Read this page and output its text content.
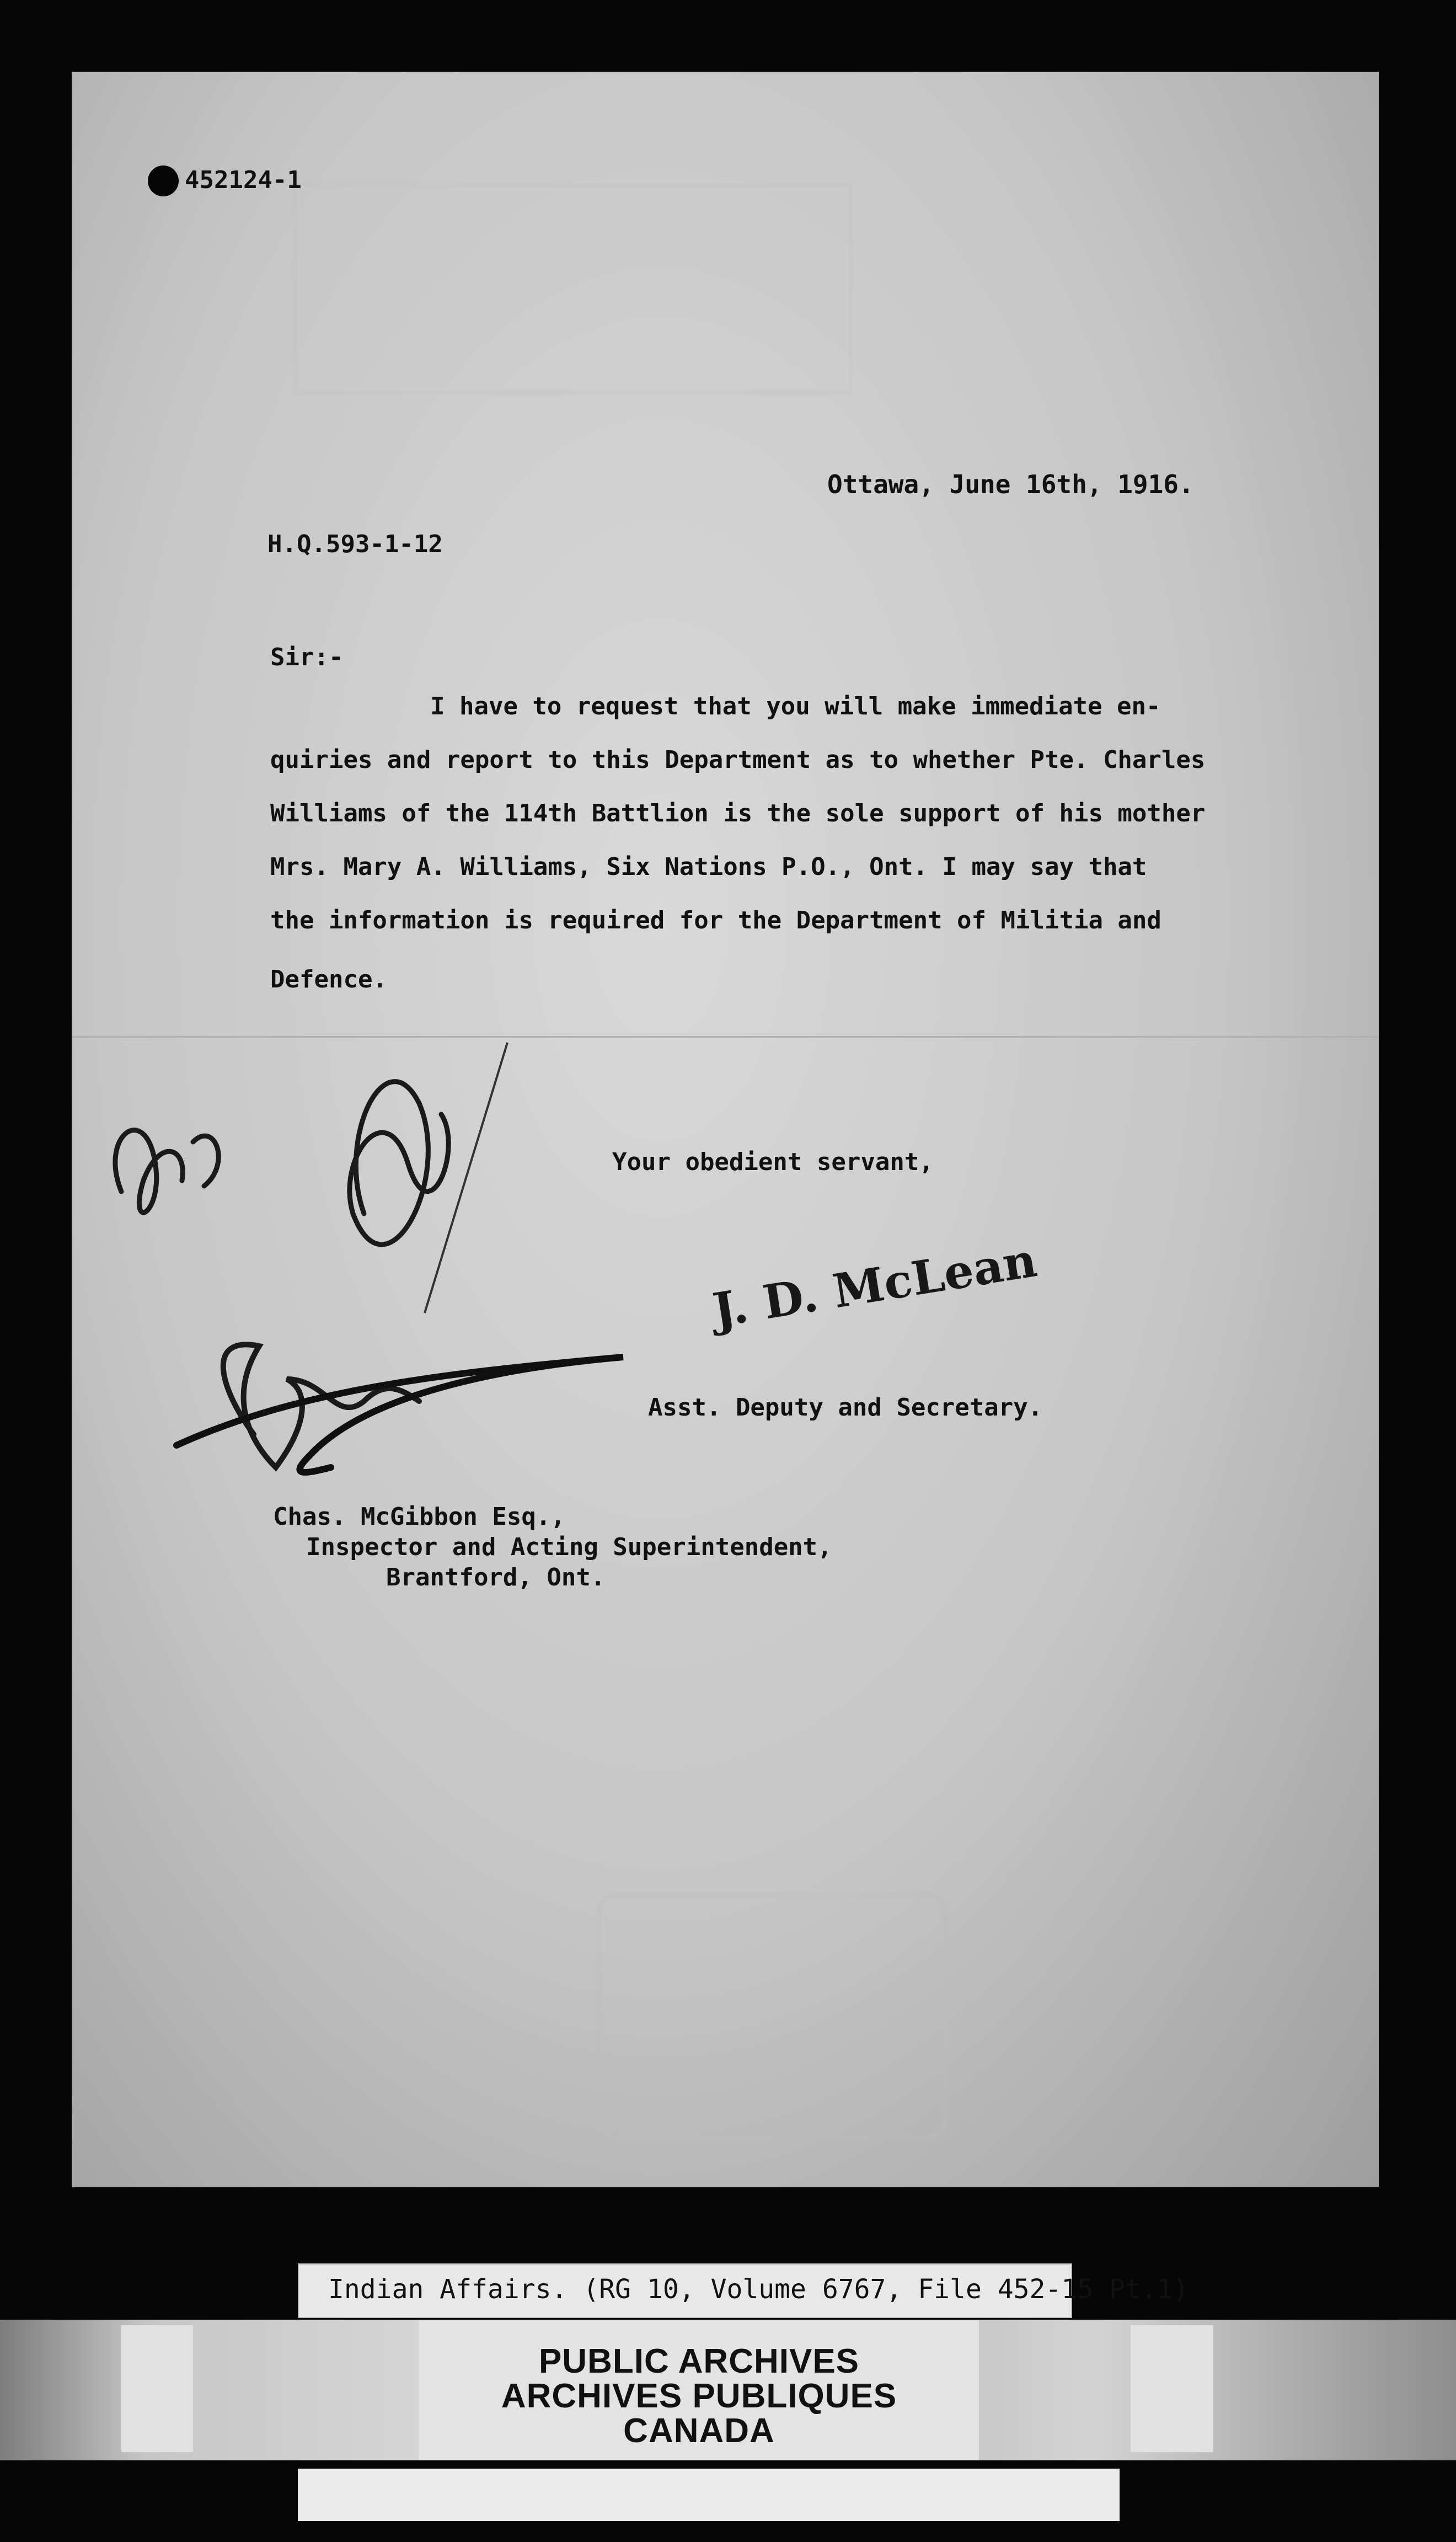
452124-1
Ottawa, June 16th, 1916.
H.Q.593-1-12
Sir:-
I have to request that you will make immediate en-
quiries and report to this Department as to whether Pte. Charles
Williams of the 114th Battlion is the sole support of his mother
Mrs. Mary A. Williams, Six Nations P.O., Ont. I may say that
the information is required for the Department of Militia and
Defence.
Your obedient servant,
J. D. McLean
Asst. Deputy and Secretary.
Chas. McGibbon Esq.,
Inspector and Acting Superintendent,
Brantford, Ont.
Indian Affairs. (RG 10, Volume 6767, File 452-15 Pt.1)
PUBLIC ARCHIVES
ARCHIVES PUBLIQUES
CANADA
